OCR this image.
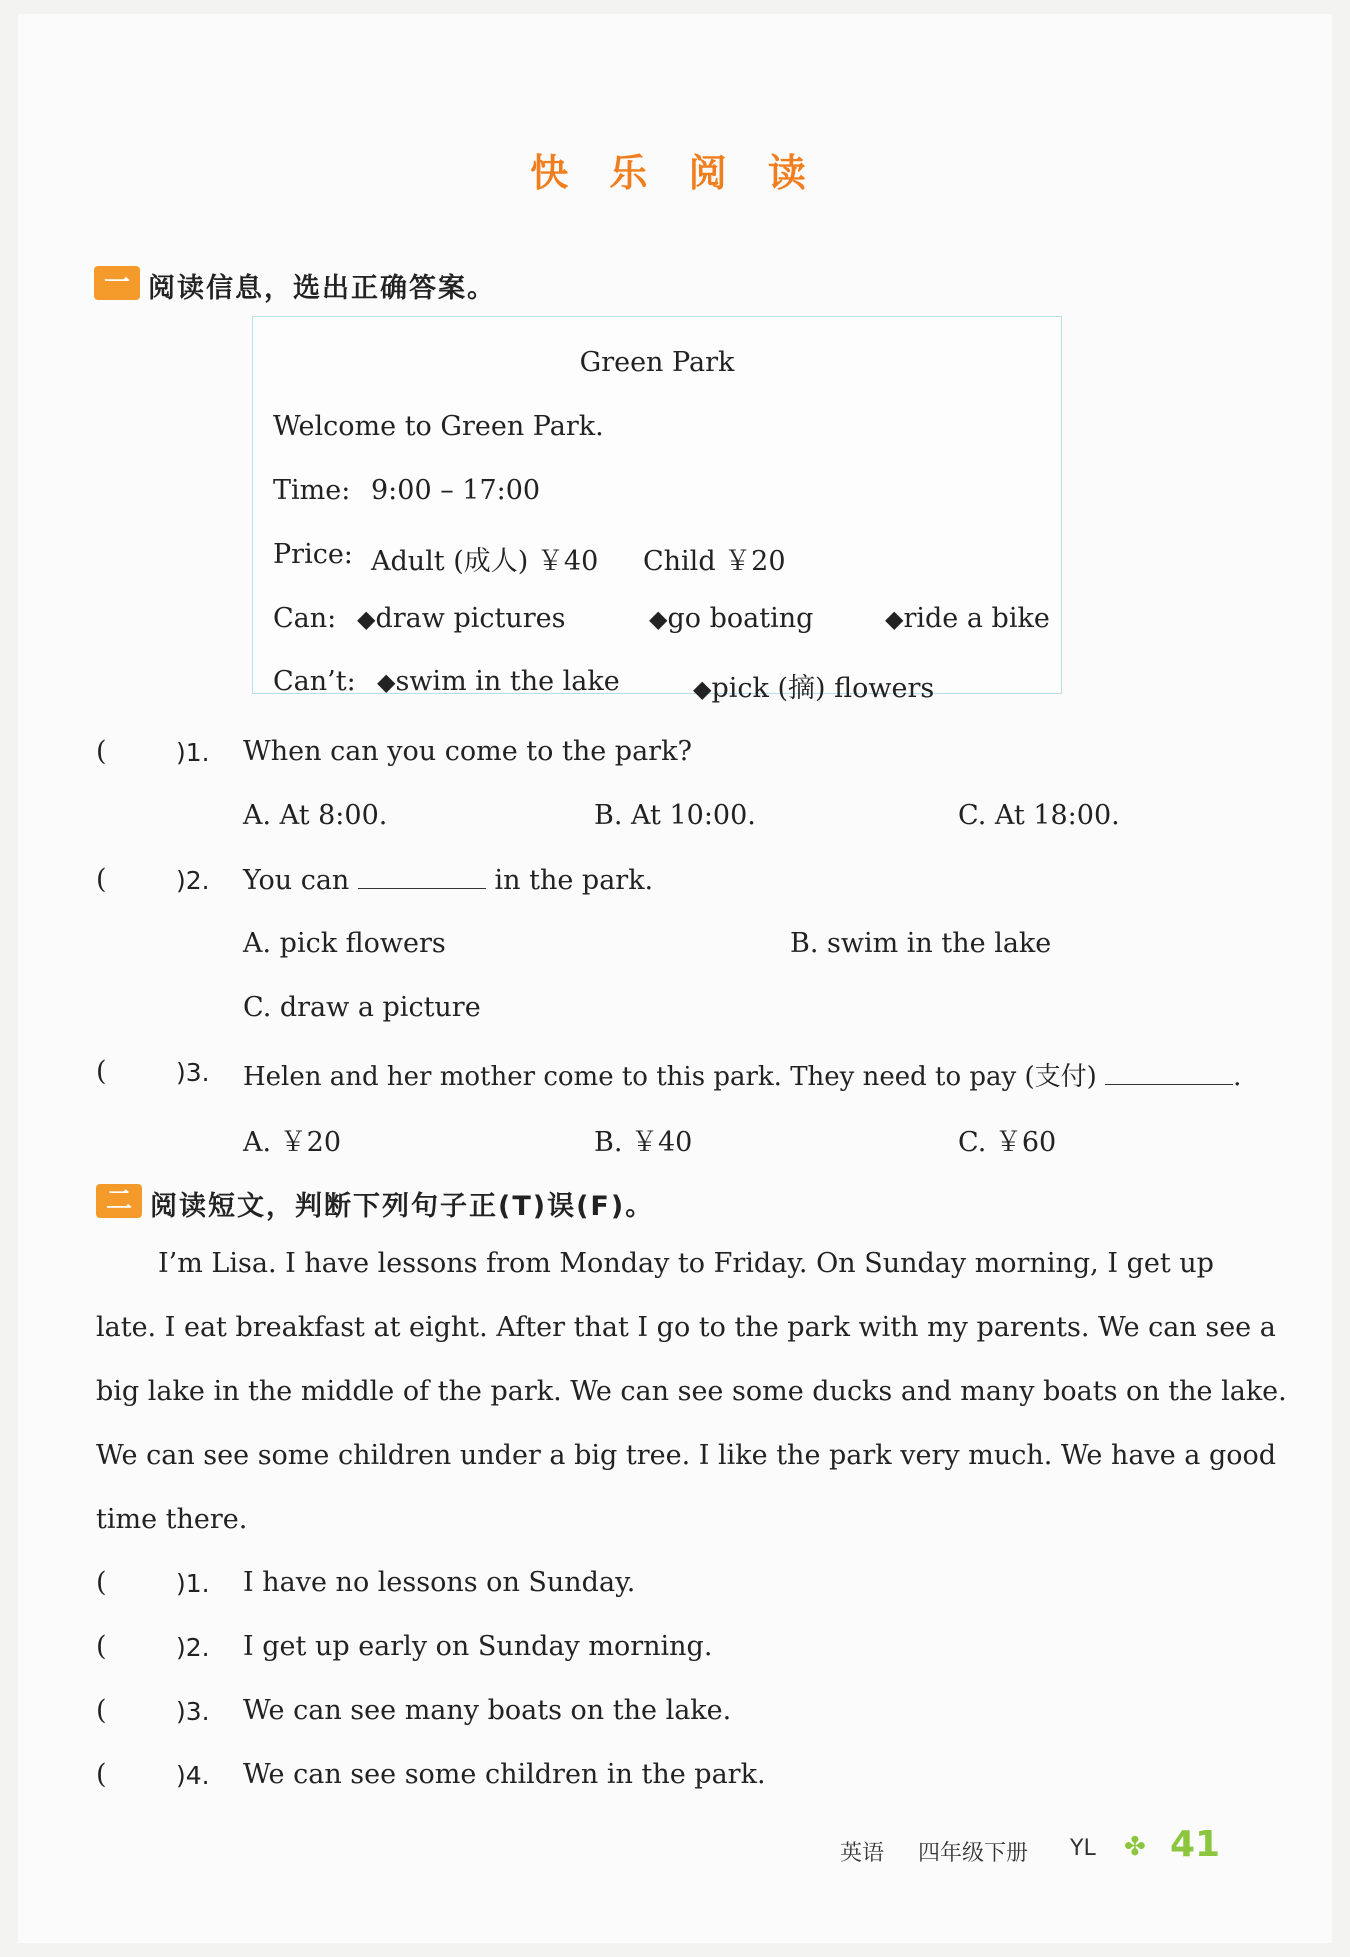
快 乐 阅 读
一 阅读信息，选出正确答案。
Green Park
Welcome to Green Park.
Time: 9:00 – 17:00
Price: Adult (成人) ￥40 Child ￥20
Can: ◆draw pictures	◆go boating	◆ride a bike
Can’t: ◆swim in the lake	◆pick (摘) flowers
(	)1. When can you come to the park?
A. At 8:00.	B. At 10:00.	C. At 18:00.
(	)2. You can	in the park.
A. pick flowers	B. swim in the lake
C. draw a picture
(	)3. Helen and her mother come to this park. They need to pay (支付)	.
A. ￥20	B. ￥40	C. ￥60
二 阅读短文，判断下列句子正(T)误(F)。
I’m Lisa. I have lessons from Monday to Friday. On Sunday morning, I get up
late. I eat breakfast at eight. After that I go to the park with my parents. We can see a
big lake in the middle of the park. We can see some ducks and many boats on the lake.
We can see some children under a big tree. I like the park very much. We have a good
time there.
(	)1. I have no lessons on Sunday.
(	)2. I get up early on Sunday morning.
(	)3. We can see many boats on the lake.
(	)4. We can see some children in the park.
英语 四年级下册 YL ✤ 41
